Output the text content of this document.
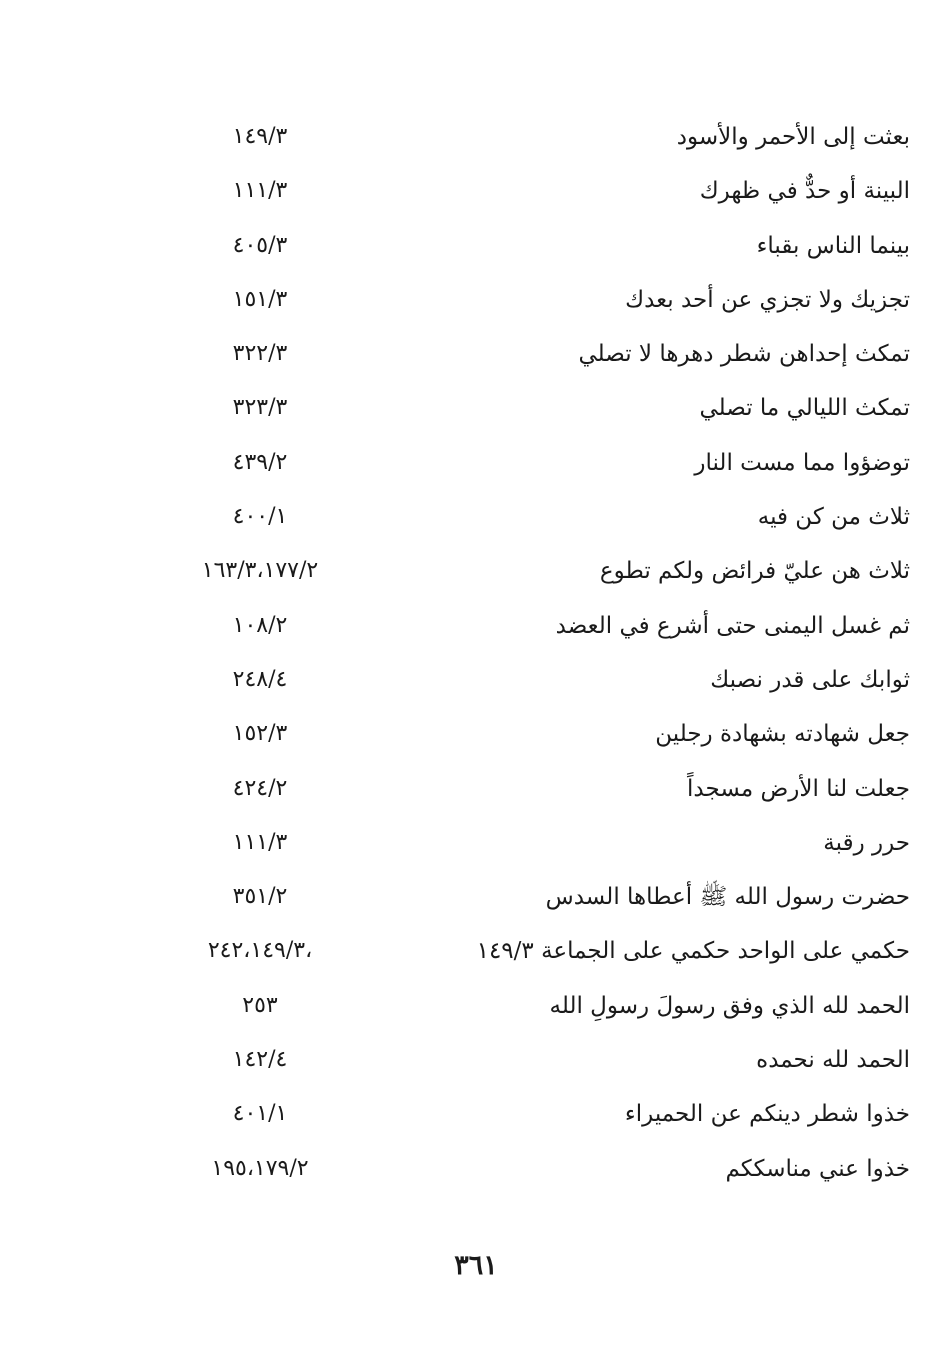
بعثت إلى الأحمر والأسود
١٤٩/٣
البينة أو حدٌّ في ظهرك
١١١/٣
بينما الناس بقباء
٤٠٥/٣
تجزيك ولا تجزي عن أحد بعدك
١٥١/٣
تمكث إحداهن شطر دهرها لا تصلي
٣٢٢/٣
تمكث الليالي ما تصلي
٣٢٣/٣
توضؤوا مما مست النار
٤٣٩/٢
ثلاث من كن فيه
٤٠٠/١
ثلاث هن عليّ فرائض ولكم تطوع
١٦٣/٣،١٧٧/٢
ثم غسل اليمنى حتى أشرع في العضد
١٠٨/٢
ثوابك على قدر نصبك
٢٤٨/٤
جعل شهادته بشهادة رجلين
١٥٢/٣
جعلت لنا الأرض مسجداً
٤٢٤/٢
حرر رقبة
١١١/٣
حضرت رسول الله ﷺ أعطاها السدس
٣٥١/٢
حكمي على الواحد حكمي على الجماعة ١٤٩/٣
،٢٤٢،١٤٩/٣
الحمد لله الذي وفق رسولَ رسولِ الله
٢٥٣
الحمد لله نحمده
١٤٢/٤
خذوا شطر دينكم عن الحميراء
٤٠١/١
خذوا عني مناسككم
١٩٥،١٧٩/٢
٣٦١
